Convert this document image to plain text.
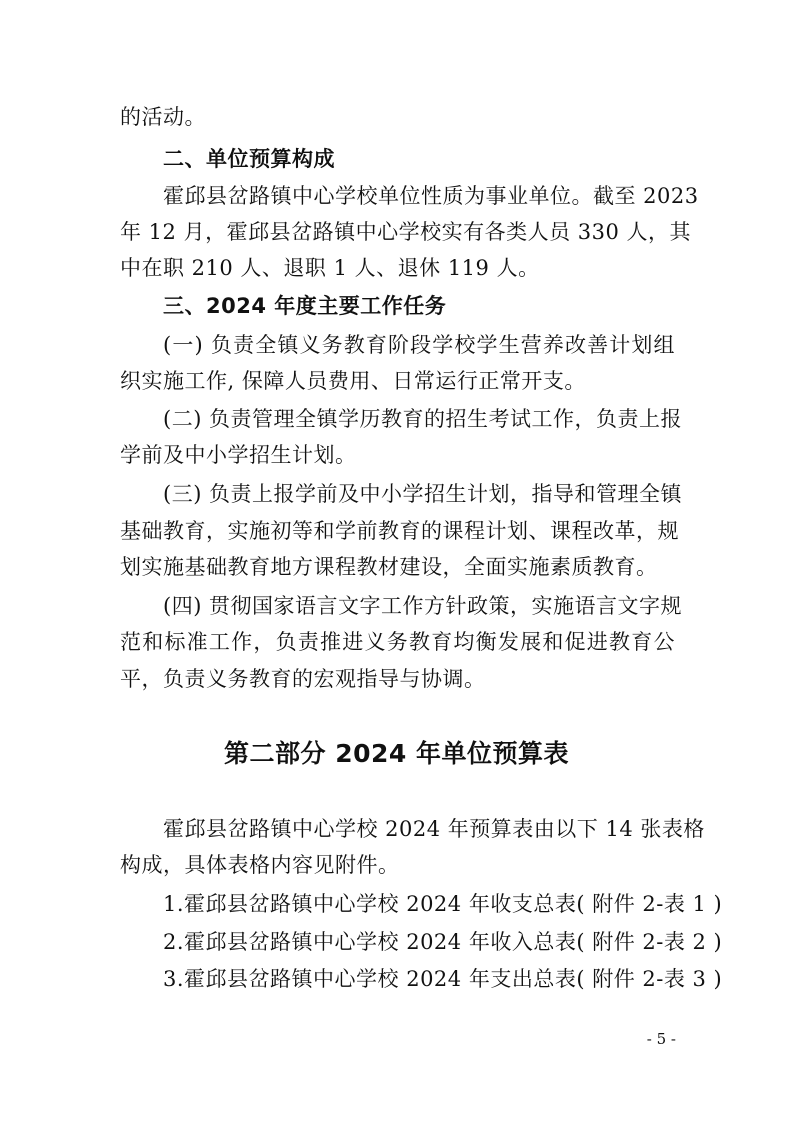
的活动。
二、单位预算构成
霍邱县岔路镇中心学校单位性质为事业单位。截至 2023
年 12 月，霍邱县岔路镇中心学校实有各类人员 330 人，其
中在职 210 人、退职 1 人、退休 119 人。
三、2024 年度主要工作任务
(一) 负责全镇义务教育阶段学校学生营养改善计划组
织实施工作, 保障人员费用、日常运行正常开支。
(二) 负责管理全镇学历教育的招生考试工作，负责上报
学前及中小学招生计划。
(三) 负责上报学前及中小学招生计划，指导和管理全镇
基础教育，实施初等和学前教育的课程计划、课程改革，规
划实施基础教育地方课程教材建设，全面实施素质教育。
(四) 贯彻国家语言文字工作方针政策，实施语言文字规
范和标准工作，负责推进义务教育均衡发展和促进教育公
平，负责义务教育的宏观指导与协调。
第二部分 2024 年单位预算表
霍邱县岔路镇中心学校 2024 年预算表由以下 14 张表格
构成，具体表格内容见附件。
1.霍邱县岔路镇中心学校 2024 年收支总表( 附件 2-表 1 )
2.霍邱县岔路镇中心学校 2024 年收入总表( 附件 2-表 2 )
3.霍邱县岔路镇中心学校 2024 年支出总表( 附件 2-表 3 )
- 5 -
